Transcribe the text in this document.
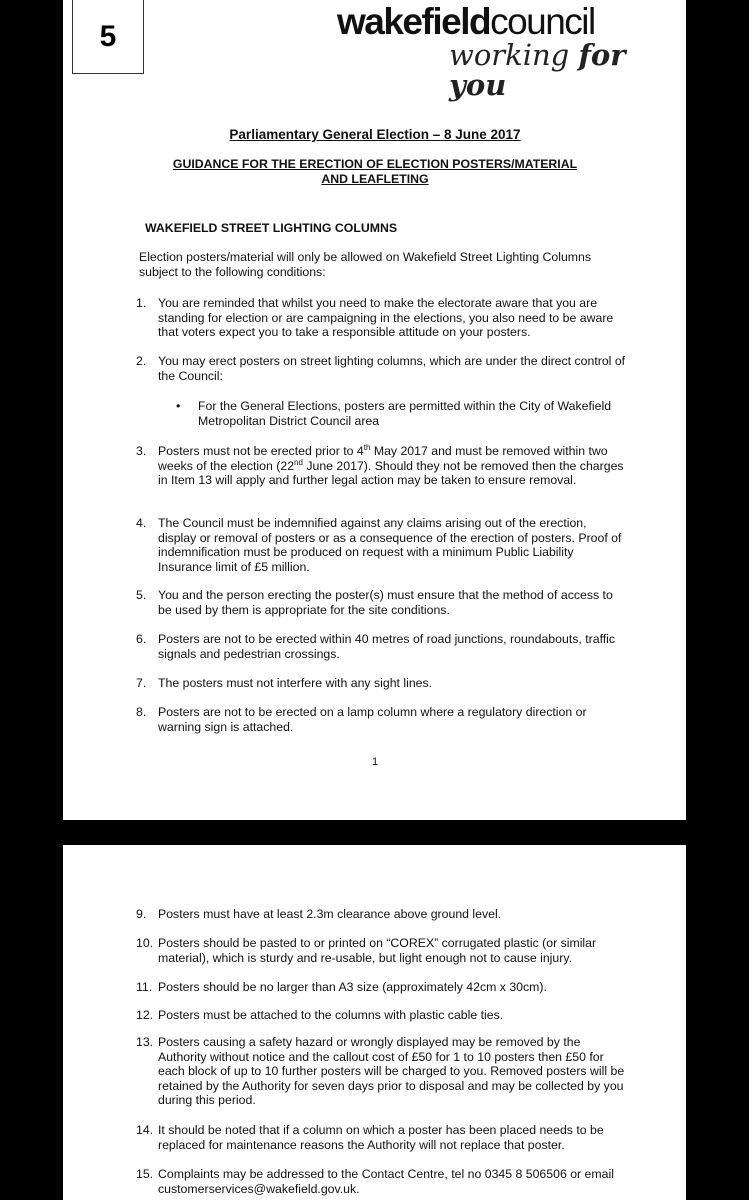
5	wakefieldcouncil
working for you
Parliamentary General Election – 8 June 2017
GUIDANCE FOR THE ERECTION OF ELECTION POSTERS/MATERIAL
AND LEAFLETING
WAKEFIELD STREET LIGHTING COLUMNS
Election posters/material will only be allowed on Wakefield Street Lighting Columns subject to the following conditions:
1. You are reminded that whilst you need to make the electorate aware that you are standing for election or are campaigning in the elections, you also need to be aware that voters expect you to take a responsible attitude on your posters.
2. You may erect posters on street lighting columns, which are under the direct control of the Council:
• For the General Elections, posters are permitted within the City of Wakefield Metropolitan District Council area
3. Posters must not be erected prior to 4th May 2017 and must be removed within two weeks of the election (22nd June 2017). Should they not be removed then the charges in Item 13 will apply and further legal action may be taken to ensure removal.
4. The Council must be indemnified against any claims arising out of the erection, display or removal of posters or as a consequence of the erection of posters. Proof of indemnification must be produced on request with a minimum Public Liability Insurance limit of £5 million.
5. You and the person erecting the poster(s) must ensure that the method of access to be used by them is appropriate for the site conditions.
6. Posters are not to be erected within 40 metres of road junctions, roundabouts, traffic signals and pedestrian crossings.
7. The posters must not interfere with any sight lines.
8. Posters are not to be erected on a lamp column where a regulatory direction or warning sign is attached.
1
9. Posters must have at least 2.3m clearance above ground level.
10. Posters should be pasted to or printed on “COREX” corrugated plastic (or similar material), which is sturdy and re-usable, but light enough not to cause injury.
11. Posters should be no larger than A3 size (approximately 42cm x 30cm).
12. Posters must be attached to the columns with plastic cable ties.
13. Posters causing a safety hazard or wrongly displayed may be removed by the Authority without notice and the callout cost of £50 for 1 to 10 posters then £50 for each block of up to 10 further posters will be charged to you. Removed posters will be retained by the Authority for seven days prior to disposal and may be collected by you during this period.
14. It should be noted that if a column on which a poster has been placed needs to be replaced for maintenance reasons the Authority will not replace that poster.
15. Complaints may be addressed to the Contact Centre, tel no 0345 8 506506 or email customerservices@wakefield.gov.uk.
